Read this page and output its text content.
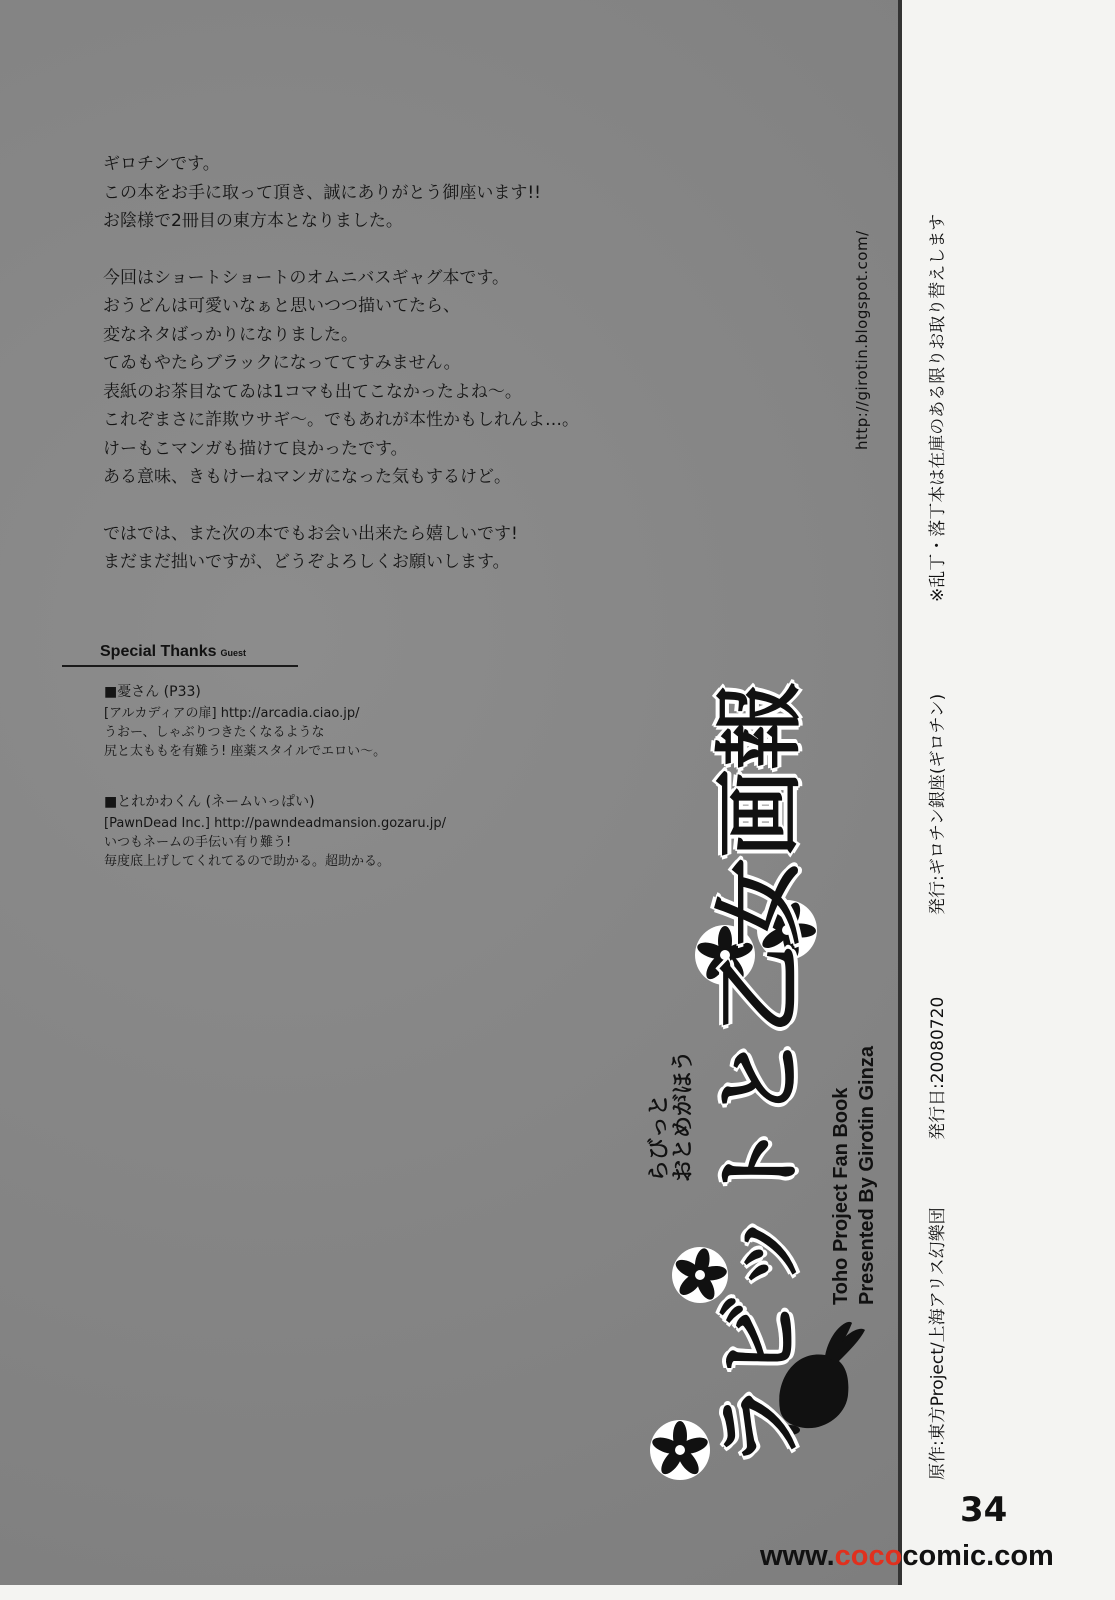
ギロチンです。
この本をお手に取って頂き、誠にありがとう御座います!!
お陰様で2冊目の東方本となりました。

今回はショートショートのオムニバスギャグ本です。
おうどんは可愛いなぁと思いつつ描いてたら、
変なネタばっかりになりました。
てゐもやたらブラックになっててすみません。
表紙のお茶目なてゐは1コマも出てこなかったよね〜。
これぞまさに詐欺ウサギ〜。でもあれが本性かもしれんよ…。
けーもこマンガも描けて良かったです。
ある意味、きもけーねマンガになった気もするけど。

ではでは、また次の本でもお会い出来たら嬉しいです!
まだまだ拙いですが、どうぞよろしくお願いします。

Special Thanks Guest
■憂さん (P33)
[アルカディアの扉] http://arcadia.ciao.jp/
うおー、しゃぶりつきたくなるような
尻と太ももを有難う! 座薬スタイルでエロい〜。
■とれかわくん (ネームいっぱい)
[PawnDead Inc.] http://pawndeadmansion.gozaru.jp/
いつもネームの手伝い有り難う!
毎度底上げしてくれてるので助かる。超助かる。
http://girotin.blogspot.com/
ラビットと乙女画報
らびっと おとめがほう	Toho Project Fan Book Presented By Girotin Ginza
原作:東方Project/上海アリス幻樂団
発行日:20080720
発行:ギロチン銀座(ギロチン)
※乱丁・落丁本は在庫のある限りお取り替えします
34
www.cococomic.com
